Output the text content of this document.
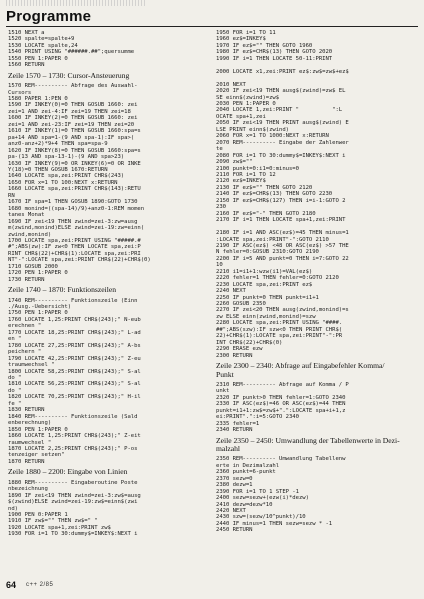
Programme
1510 NEXT a
1520 spalte=spalte+9
1530 LOCATE spalte,24
1540 PRINT USING "######.##";quersumme
1550 PEN 1:PAPER 0
1560 RETURN
Zeile 1570 – 1730: Cursor-Ansteuerung
1570 REM---------- Abfrage des Auswahl-
Cursors
1580 PAPER 1:PEN 0
1590 IF INKEY(0)=0 THEN GOSUB 1660: zei
zei=1 AND zei-4:IF zei=19 THEN zei=18
1600 IF INKEY(2)=0 THEN GOSUB 1660: zei
zei=1 AND zei-23:IF zei=19 THEN zei=20
1610 IF INKEY(1)=0 THEN GOSUB 1660:spa=s
pa+14 AND spa=1-(9 AND spa-1):IF spa>(
anz0-anz+2)*9+4 THEN spa=spa-9
1620 IF INKEY(8)=0 THEN GOSUB 1660:spa=s
pa-(13 AND spa-13-1)-(9 AND spa>23)
1630 IF INKEY(9)=0 OR INKEY(6)=0 OR INKE
Y(18)=0 THEN GOSUB 1670:RETURN
1640 LOCATE spa,zei:PRINT CHR$(243)
1650 FOR x=1 TO 100:NEXT x:RETURN
1660 LOCATE spa,zei:PRINT CHR$(143):RETU
RN
1670 IF spa=1 THEN GOSUB 1890:GOTO 1730
1680 monind=((spa-14)/9)+anz0-1:REM momen
tanes Monat
1690 IF zei<19 THEN zwind=zei-3:zw=ausg
m(zwind,monind)ELSE zwind=zei-19:zw=einn(
zwind,monind)
1700 LOCATE spa,zei:PRINT USING "#####.#
#";ABS(zw):IF zw<0 THEN LOCATE spa,zei:P
RINT CHR$(22)+CHR$(1):LOCATE spa,zei:PRI
NT"-":LOCATE spa,zei:PRINT CHR$(22)+CHR$(0)
1710 GOSUB 2000
1720 PEN 1:PAPER 0
1730 RETURN
Zeile 1740 – 1870: Funktionszeilen
1740 REM---------- Funktionszeile (Einn
./Ausg.-Uebersicht)
1750 PEN 1:PAPER 0
1760 LOCATE 1,25:PRINT CHR$(243);" N-eub
erechnen "
1770 LOCATE 18,25:PRINT CHR$(243);" L-ad
en "
1780 LOCATE 27,25:PRINT CHR$(243);" A-bs
peichern "
1790 LOCATE 42,25:PRINT CHR$(243);" Z-eu
traumwechsel "
1800 LOCATE 58,25:PRINT CHR$(243);" S-al
do "
1810 LOCATE 56,25:PRINT CHR$(243);" S-al
do "
1820 LOCATE 70,25:PRINT CHR$(243);" H-il
fe "
1830 RETURN
1840 REM---------- Funktionszeile (Sald
enberechnung)
1850 PEN 1:PAPER 0
1860 LOCATE 1,25:PRINT CHR$(243);" Z-eit
raumwechsel "
1870 LOCATE 2,25:PRINT CHR$(243);" P-os
tenzeiger setzen"
1870 RETURN
Zeile 1880 – 2200: Eingabe von Linien
1880 REM---------- Eingaberoutine Poste
nbezeichnung
1890 IF zei<19 THEN zwind=zei-3:zw$=ausg
$(zwind)ELSE zwind=zei-19:zw$=einn$(zwi
nd)
1900 PEN 0:PAPER 1
1910 IF zw$="" THEN zw$=" "
1920 LOCATE spa+1,zei:PRINT zw$
1930 FOR i=1 TO 30:dummy$=INKEY$:NEXT i
1950 FOR i=1 TO 11
1960 ez$=INKEY$
1970 IF ez$="" THEN GOTO 1960
1980 IF ez$=CHR$(13) THEN GOTO 2020
1990 IF i=1 THEN LOCATE 50-11:PRINT

2000 LOCATE x1,zei:PRINT ez$:zw$=zw$+ez$

2010 NEXT
2020 IF zei<19 THEN ausg$(zwind)=zw$ EL
SE einn$(zwind)=zw$
2030 PEN 1:PAPER 0
2040 LOCATE 1,zei:PRINT "          ":L
OCATE spa+1,zei
2050 IF zei<19 THEN PRINT ausg$(zwind) E
LSE PRINT einn$(zwind)
2060 FOR x=1 TO 1000:NEXT x:RETURN
2070 REM---------- Eingabe der Zahlenwer
te
2080 FOR i=1 TO 30:dummy$=INKEY$:NEXT i
2090 zw$=""
2100 punkt=0:i1=0:minus=0
2110 FOR i=1 TO 12
2120 ez$=INKEY$
2130 IF ez$="" THEN GOTO 2120
2140 IF ez$=CHR$(13) THEN GOTO 2230
2150 IF ez$=CHR$(127) THEN i=i-1:GOTO 2
230
2160 IF ez$="-" THEN GOTO 2180
2170 IF i=1 THEN LOCATE spa+1,zei:PRINT

2180 IF i=1 AND ASC(ez$)=45 THEN minus=1
:LOCATE spa,zei:PRINT"-":GOTO 2110
2190 IF ASC(ez$) <48 OR ASC(ez$) >57 THE
N fehler=0:GOSUB 2310:GOTO 2190
2200 IF i=5 AND punkt=0 THEN i=7:GOTO 22
10
2210 i1=i1+1:wzw(i1)=VAL(ez$)
2220 fehler=1 THEN fehler=0:GOTO 2120
2230 LOCATE spa,zei:PRINT ez$
2240 NEXT
2250 IF punkt=0 THEN punkt=i1+1
2260 GOSUB 2350
2270 IF zei<20 THEN ausg(zwind,monind)=s
zw ELSE einn(zwind,monind)=szw
2280 LOCATE spa,zei:PRINT USING "####.
##";ABS(szw):IF szw<0 THEN PRINT CHR$(
22)+CHR$(1):LOCATE spa,zei:PRINT"-":PR
INT CHR$(22)+CHR$(0)
2290 ERASE ezw
2300 RETURN
Zeile 2300 – 2340: Abfrage auf Eingabefehler Komma/
Punkt
2310 REM---------- Abfrage auf Komma / P
unkt
2320 IF punkt>0 THEN fehler=1:GOTO 2340
2330 IF ASC(ez$)=46 OR ASC(ez$)=44 THEN
punkt=i1+1:zw$=zw$+".":LOCATE spa+i+1,z
ei:PRINT".":i=5:GOTO 2340
2335 fehler=1
2340 RETURN
Zeile 2350 – 2450: Umwandlung der Tabellenwerte in Dezi-
malzahl
2350 REM---------- Umwandlung Tabellenw
erte in Dezimalzahl
2360 punkt=6-punkt
2370 sezw=0
2380 dezw=1
2390 FOR i=1 TO 1 STEP -1
2400 sezw=sezw+(ezw(i)*dezw)
2410 dezw=dezw*10
2420 NEXT
2430 szw=(sezw/10^punkt)/10
2440 IF minus=1 THEN sezw=sezw * -1
2450 RETURN
64 c++ 2/85
